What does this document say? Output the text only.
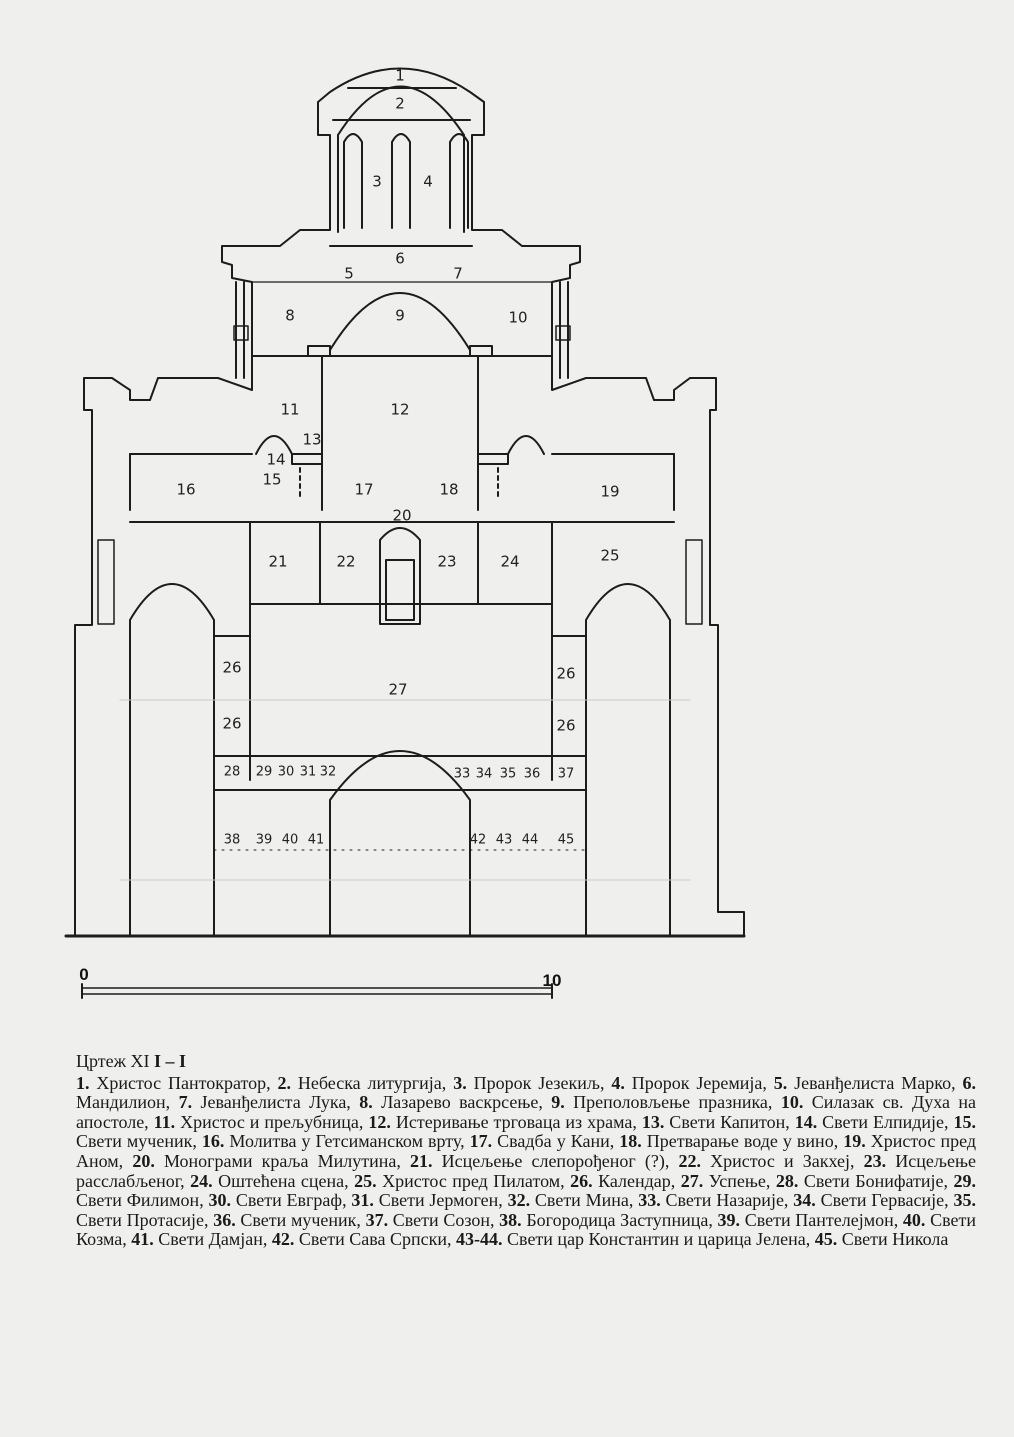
0	10
1
2
3	4
5
6
7
8	9	10
11	12
13
14
15
16	17	18	19
20
21	22	23	24	25
26
26
26
26
27
28 29 30 31 32	33 34 35 36 37
38 39 40 41	42 43 44 45
Цртеж XI I – I
1. Христос Пантократор, 2. Небеска литургија, 3. Пророк Језекиљ, 4. Пророк Јеремија, 5. Јеванђелиста Марко, 6. Мандилион, 7. Јеванђелиста Лука, 8. Лазарево васкрсење, 9. Преполовљење празника, 10. Силазак св. Духа на апостоле, 11. Христос и прељубница, 12. Истеривање трговаца из храма, 13. Свети Капитон, 14. Свети Елпидије, 15. Свети мученик, 16. Молитва у Гетсиманском врту, 17. Свадба у Кани, 18. Претварање воде у вино, 19. Христос пред Аном, 20. Монограми краља Милутина, 21. Исцељење слепорођеног (?), 22. Христос и Закхеј, 23. Исцељење расслабљеног, 24. Оштећена сцена, 25. Христос пред Пилатом, 26. Календар, 27. Успење, 28. Свети Бонифатије, 29. Свети Филимон, 30. Свети Евграф, 31. Свети Јермоген, 32. Свети Мина, 33. Свети Назарије, 34. Свети Гервасије, 35. Свети Протасије, 36. Свети мученик, 37. Свети Созон, 38. Богородица Заступница, 39. Свети Пантелејмон, 40. Свети Козма, 41. Свети Дамјан, 42. Свети Сава Српски, 43-44. Свети цар Константин и царица Јелена, 45. Свети Никола
